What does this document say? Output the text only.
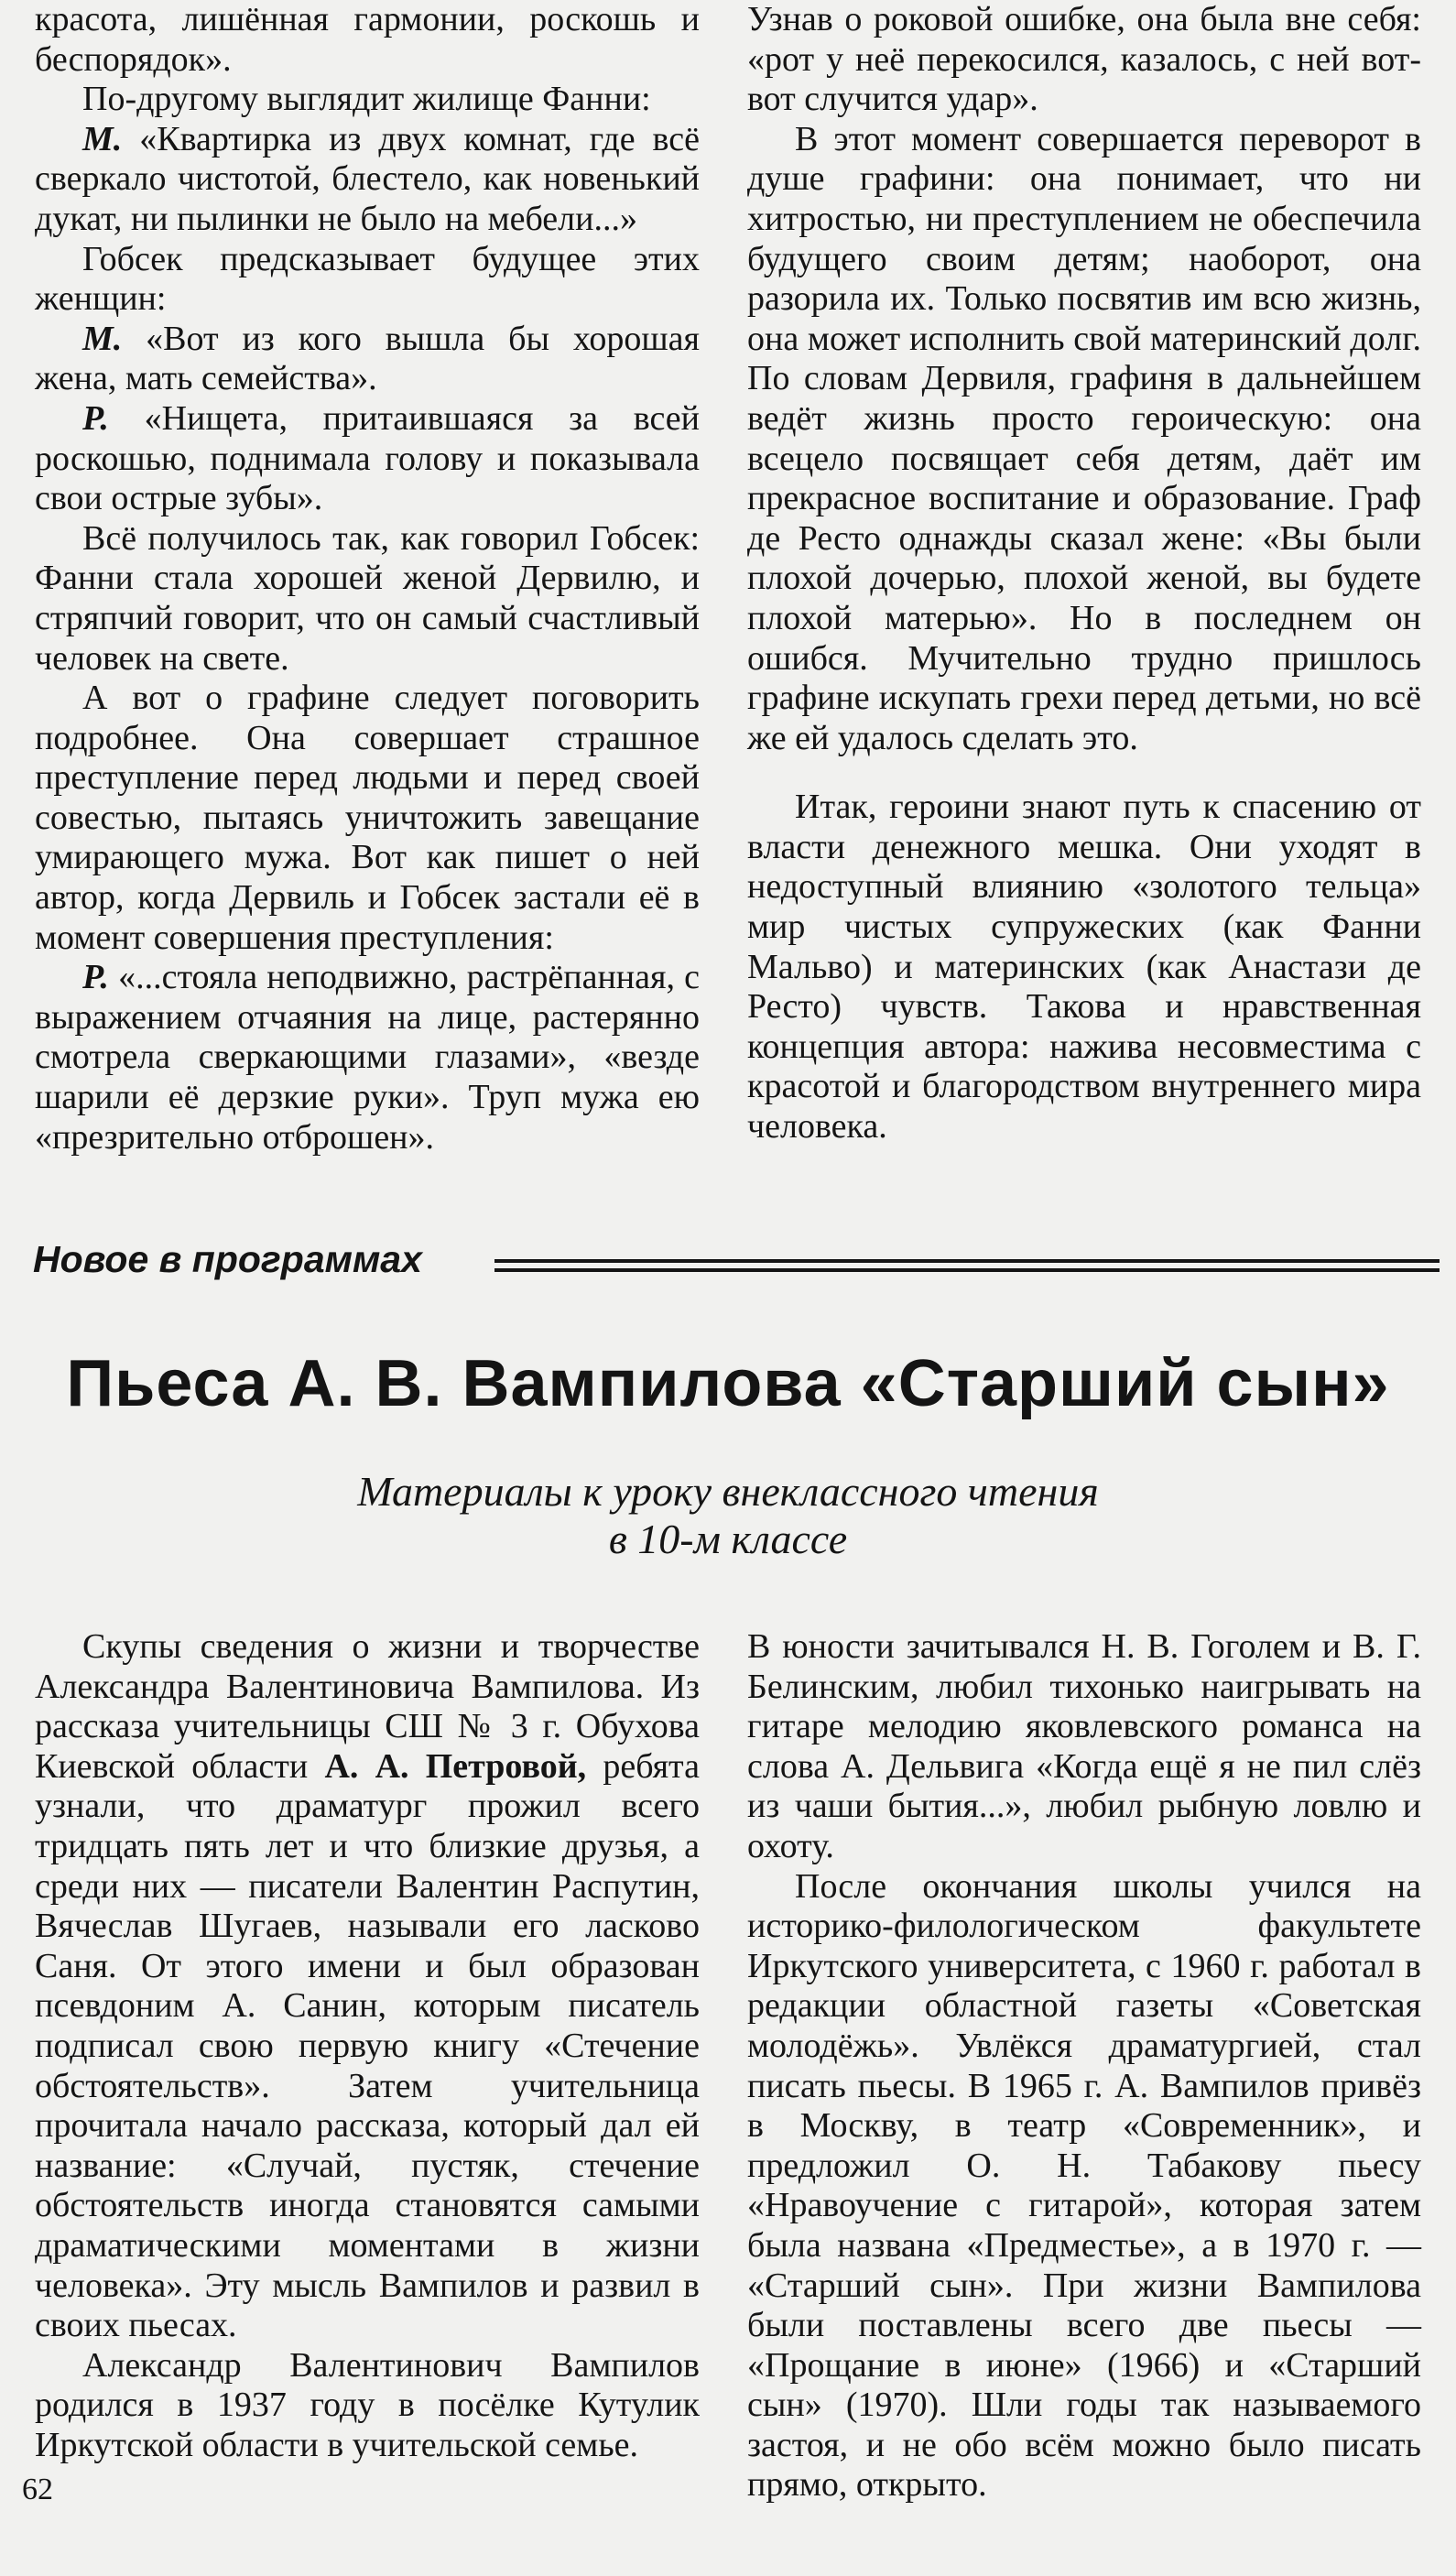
красота, лишённая гармонии, роскошь и беспорядок».

По-другому выглядит жилище Фанни:

М. «Квартирка из двух комнат, где всё сверкало чистотой, блестело, как новенький дукат, ни пылинки не было на мебели...»

Гобсек предсказывает будущее этих женщин:

М. «Вот из кого вышла бы хорошая жена, мать семейства».

Р. «Нищета, притаившаяся за всей роскошью, поднимала голову и показывала свои острые зубы».

Всё получилось так, как говорил Гобсек: Фанни стала хорошей женой Дервилю, и стряпчий говорит, что он самый счастливый человек на свете.

А вот о графине следует поговорить подробнее. Она совершает страшное преступление перед людьми и перед своей совестью, пытаясь уничтожить завещание умирающего мужа. Вот как пишет о ней автор, когда Дервиль и Гобсек застали её в момент совершения преступления:

Р. «...стояла неподвижно, растрёпанная, с выражением отчаяния на лице, растерянно смотрела сверкающими глазами», «везде шарили её дерзкие руки». Труп мужа ею «презрительно отброшен».

Узнав о роковой ошибке, она была вне себя: «рот у неё перекосился, казалось, с ней вот-вот случится удар».

В этот момент совершается переворот в душе графини: она понимает, что ни хитростью, ни преступлением не обеспечила будущего своим детям; наоборот, она разорила их. Только посвятив им всю жизнь, она может исполнить свой материнский долг. По словам Дервиля, графиня в дальнейшем ведёт жизнь просто героическую: она всецело посвящает себя детям, даёт им прекрасное воспитание и образование. Граф де Ресто однажды сказал жене: «Вы были плохой дочерью, плохой женой, вы будете плохой матерью». Но в последнем он ошибся. Мучительно трудно пришлось графине искупать грехи перед детьми, но всё же ей удалось сделать это.

Итак, героини знают путь к спасению от власти денежного мешка. Они уходят в недоступный влиянию «золотого тельца» мир чистых супружеских (как Фанни Мальво) и материнских (как Анастази де Ресто) чувств. Такова и нравственная концепция автора: нажива несовместима с красотой и благородством внутреннего мира человека.

Новое в программах
Пьеса А. В. Вампилова «Старший сын»
Материалы к уроку внеклассного чтения
в 10-м классе

Скупы сведения о жизни и творчестве Александра Валентиновича Вампилова. Из рассказа учительницы СШ № 3 г. Обухова Киевской области А. А. Петровой, ребята узнали, что драматург прожил всего тридцать пять лет и что близкие друзья, а среди них — писатели Валентин Распутин, Вячеслав Шугаев, называли его ласково Саня. От этого имени и был образован псевдоним А. Санин, которым писатель подписал свою первую книгу «Стечение обстоятельств». Затем учительница прочитала начало рассказа, который дал ей название: «Случай, пустяк, стечение обстоятельств иногда становятся самыми драматическими моментами в жизни человека». Эту мысль Вампилов и развил в своих пьесах.

Александр Валентинович Вампилов родился в 1937 году в посёлке Кутулик Иркутской области в учительской семье.

В юности зачитывался Н. В. Гоголем и В. Г. Белинским, любил тихонько наигрывать на гитаре мелодию яковлевского романса на слова А. Дельвига «Когда ещё я не пил слёз из чаши бытия...», любил рыбную ловлю и охоту.

После окончания школы учился на историко-филологическом факультете Иркутского университета, с 1960 г. работал в редакции областной газеты «Советская молодёжь». Увлёкся драматургией, стал писать пьесы. В 1965 г. А. Вампилов привёз в Москву, в театр «Современник», и предложил О. Н. Табакову пьесу «Нравоучение с гитарой», которая затем была названа «Предместье», а в 1970 г. — «Старший сын». При жизни Вампилова были поставлены всего две пьесы — «Прощание в июне» (1966) и «Старший сын» (1970). Шли годы так называемого застоя, и не обо всём можно было писать прямо, открыто.

62
